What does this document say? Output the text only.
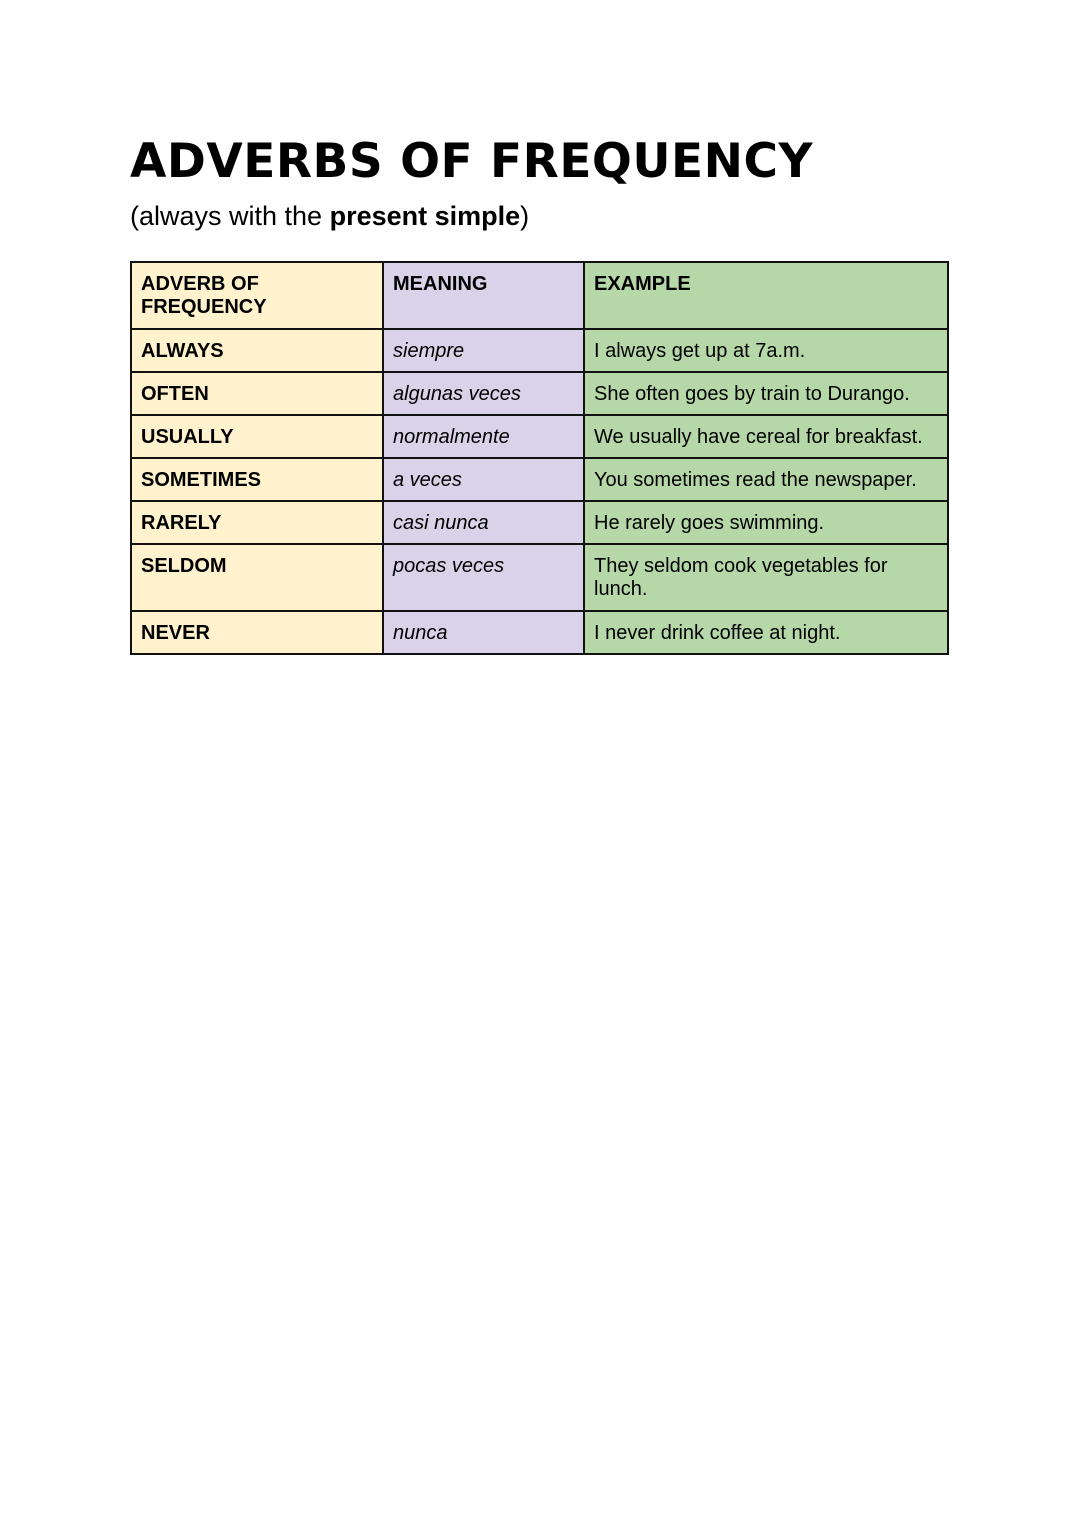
ADVERBS OF FREQUENCY

(always with the present simple)

ADVERB OF FREQUENCY	MEANING	EXAMPLE
ALWAYS	siempre	I always get up at 7a.m.
OFTEN	algunas veces	She often goes by train to Durango.
USUALLY	normalmente	We usually have cereal for breakfast.
SOMETIMES	a veces	You sometimes read the newspaper.
RARELY	casi nunca	He rarely goes swimming.
SELDOM	pocas veces	They seldom cook vegetables for lunch.
NEVER	nunca	I never drink coffee at night.
